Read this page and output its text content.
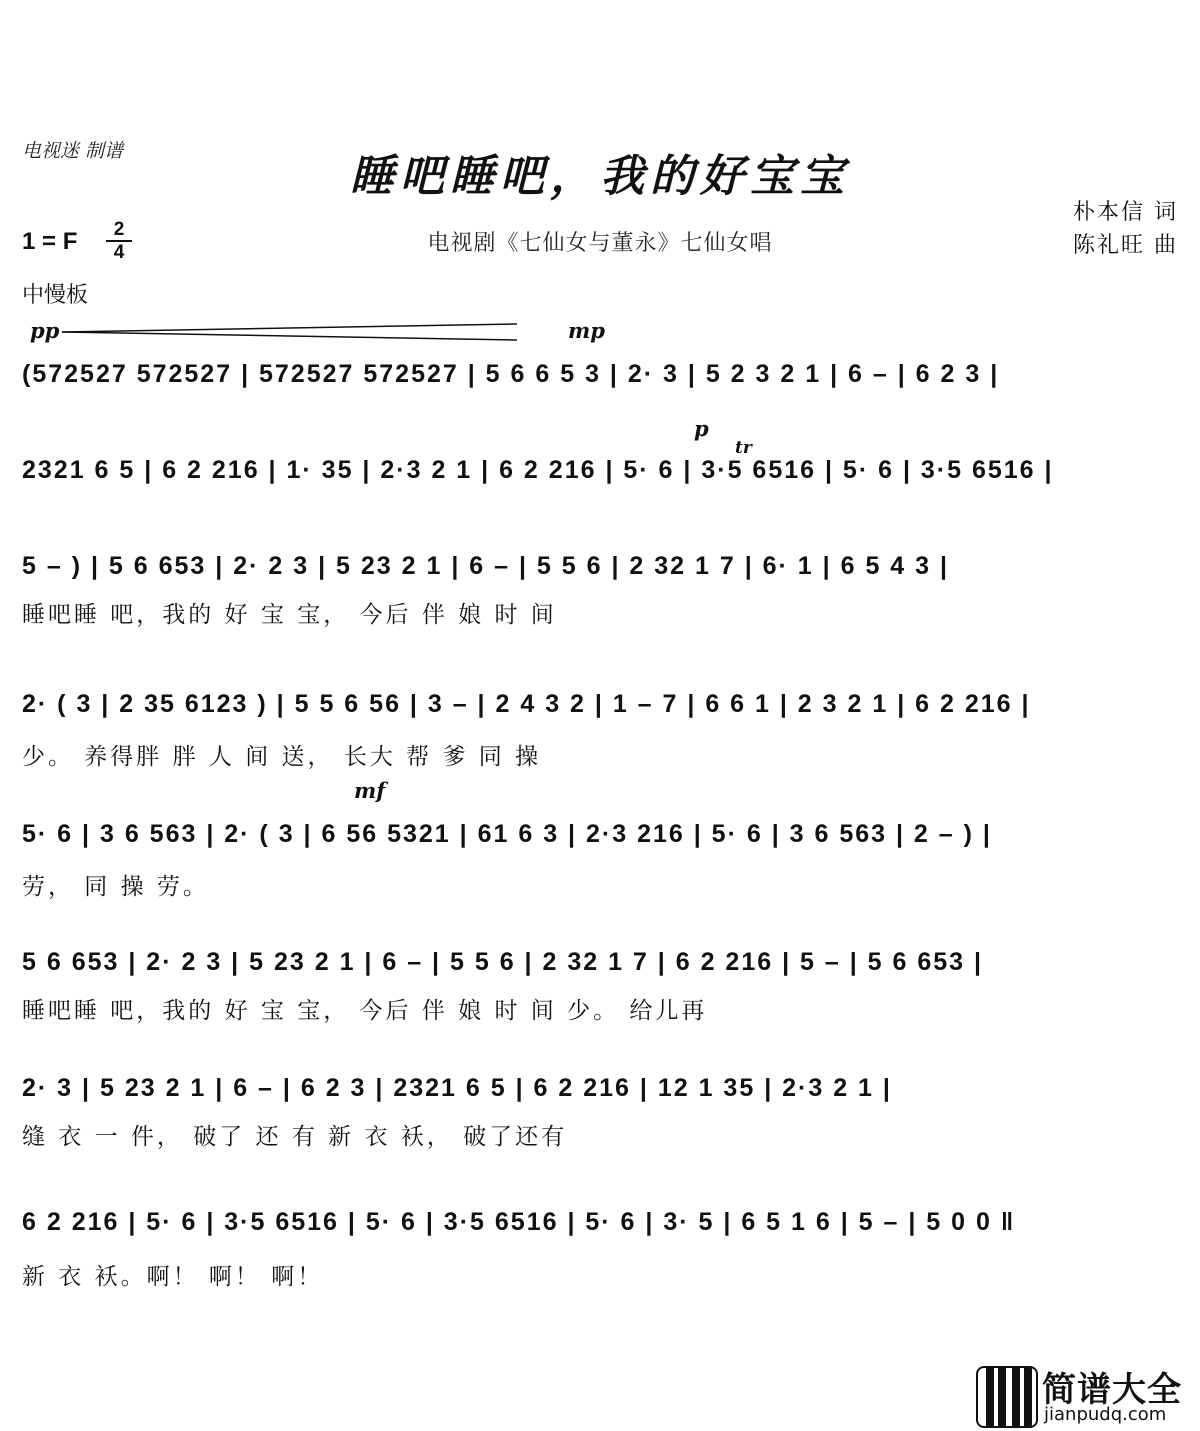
电视迷 制谱	睡吧睡吧，我的好宝宝
朴本信 词
陈礼旺 曲
电视剧《七仙女与董永》七仙女唱
1 = F $\frac{2}{4}$
中慢板
pp	mp
p
tr
mf
(572527 572527 | 572527 572527 | 5 6 6 5 3 | 2· 3 | 5 2 3 2 1 | 6 – | 6 2 3 |
2321 6 5 | 6 2 216 | 1· 35 | 2·3 2 1 | 6 2 216 | 5· 6 | 3·5 6516 | 5· 6 | 3·5 6516 |
5 – ) | 5 6 653 | 2· 2 3 | 5 23 2 1 | 6 – | 5 5 6 | 2 32 1 7 | 6· 1 | 6 5 4 3 |
睡吧睡 吧，我的 好 宝 宝， 今后 伴 娘 时 间
2· ( 3 | 2 35 6123 ) | 5 5 6 56 | 3 – | 2 4 3 2 | 1 – 7 | 6 6 1 | 2 3 2 1 | 6 2 216 |
少。 养得胖 胖 人 间 送， 长大 帮 爹 同 操
5· 6 | 3 6 563 | 2· ( 3 | 6 56 5321 | 61 6 3 | 2·3 216 | 5· 6 | 3 6 563 | 2 – ) |
劳， 同 操 劳。
5 6 653 | 2· 2 3 | 5 23 2 1 | 6 – | 5 5 6 | 2 32 1 7 | 6 2 216 | 5 – | 5 6 653 |
睡吧睡 吧，我的 好 宝 宝， 今后 伴 娘 时 间 少。 给儿再
2· 3 | 5 23 2 1 | 6 – | 6 2 3 | 2321 6 5 | 6 2 216 | 12 1 35 | 2·3 2 1 |
缝 衣 一 件， 破了 还 有 新 衣 袄， 破了还有
6 2 216 | 5· 6 | 3·5 6516 | 5· 6 | 3·5 6516 | 5· 6 | 3· 5 | 6 5 1 6 | 5 – | 5 0 0 ‖
新 衣 袄。啊！ 啊！ 啊！
简谱大全
jianpudq.com
